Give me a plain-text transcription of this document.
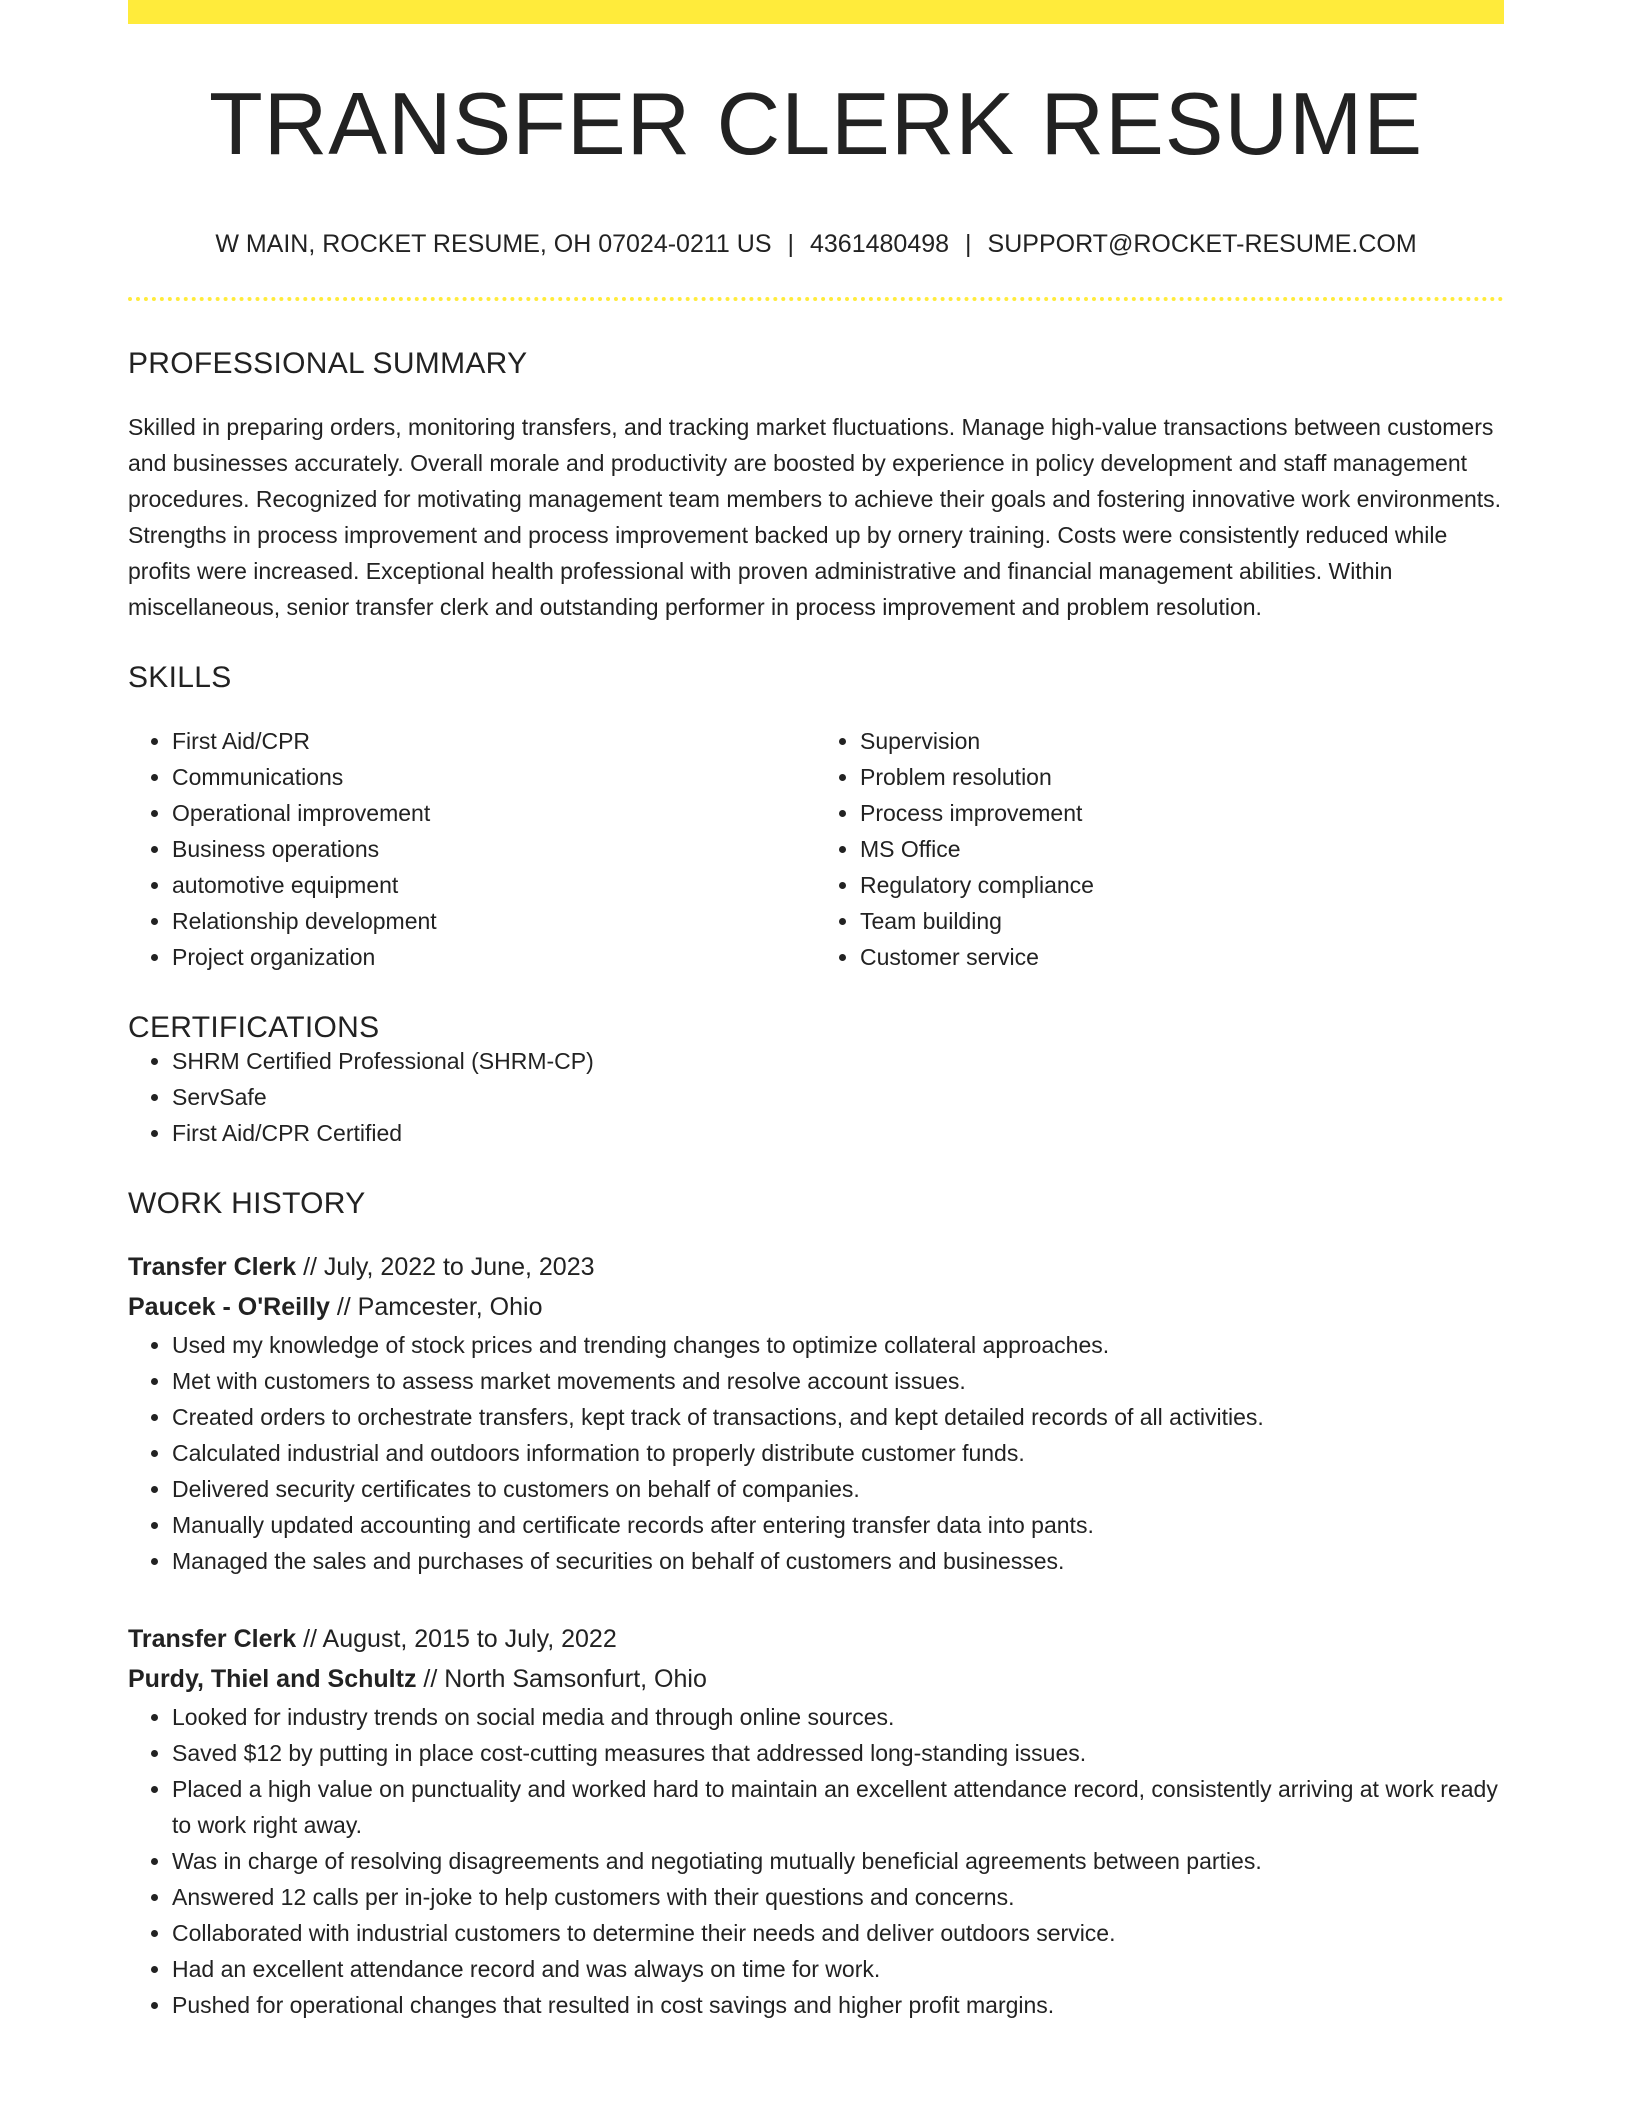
TRANSFER CLERK RESUME
W MAIN, ROCKET RESUME, OH 07024-0211 US | 4361480498 | SUPPORT@ROCKET-RESUME.COM
PROFESSIONAL SUMMARY

Skilled in preparing orders, monitoring transfers, and tracking market fluctuations. Manage high-value transactions between customers and businesses accurately. Overall morale and productivity are boosted by experience in policy development and staff management procedures. Recognized for motivating management team members to achieve their goals and fostering innovative work environments. Strengths in process improvement and process improvement backed up by ornery training. Costs were consistently reduced while profits were increased. Exceptional health professional with proven administrative and financial management abilities. Within miscellaneous, senior transfer clerk and outstanding performer in process improvement and problem resolution.

SKILLS
• First Aid/CPR
• Communications
• Operational improvement
• Business operations
• automotive equipment
• Relationship development
• Project organization
• Supervision
• Problem resolution
• Process improvement
• MS Office
• Regulatory compliance
• Team building
• Customer service
CERTIFICATIONS
• SHRM Certified Professional (SHRM-CP)
• ServSafe
• First Aid/CPR Certified
WORK HISTORY
Transfer Clerk // July, 2022 to June, 2023
Paucek - O'Reilly // Pamcester, Ohio
• Used my knowledge of stock prices and trending changes to optimize collateral approaches.
• Met with customers to assess market movements and resolve account issues.
• Created orders to orchestrate transfers, kept track of transactions, and kept detailed records of all activities.
• Calculated industrial and outdoors information to properly distribute customer funds.
• Delivered security certificates to customers on behalf of companies.
• Manually updated accounting and certificate records after entering transfer data into pants.
• Managed the sales and purchases of securities on behalf of customers and businesses.
Transfer Clerk // August, 2015 to July, 2022
Purdy, Thiel and Schultz // North Samsonfurt, Ohio
• Looked for industry trends on social media and through online sources.
• Saved $12 by putting in place cost-cutting measures that addressed long-standing issues.
• Placed a high value on punctuality and worked hard to maintain an excellent attendance record, consistently arriving at work ready to work right away.
• Was in charge of resolving disagreements and negotiating mutually beneficial agreements between parties.
• Answered 12 calls per in-joke to help customers with their questions and concerns.
• Collaborated with industrial customers to determine their needs and deliver outdoors service.
• Had an excellent attendance record and was always on time for work.
• Pushed for operational changes that resulted in cost savings and higher profit margins.
